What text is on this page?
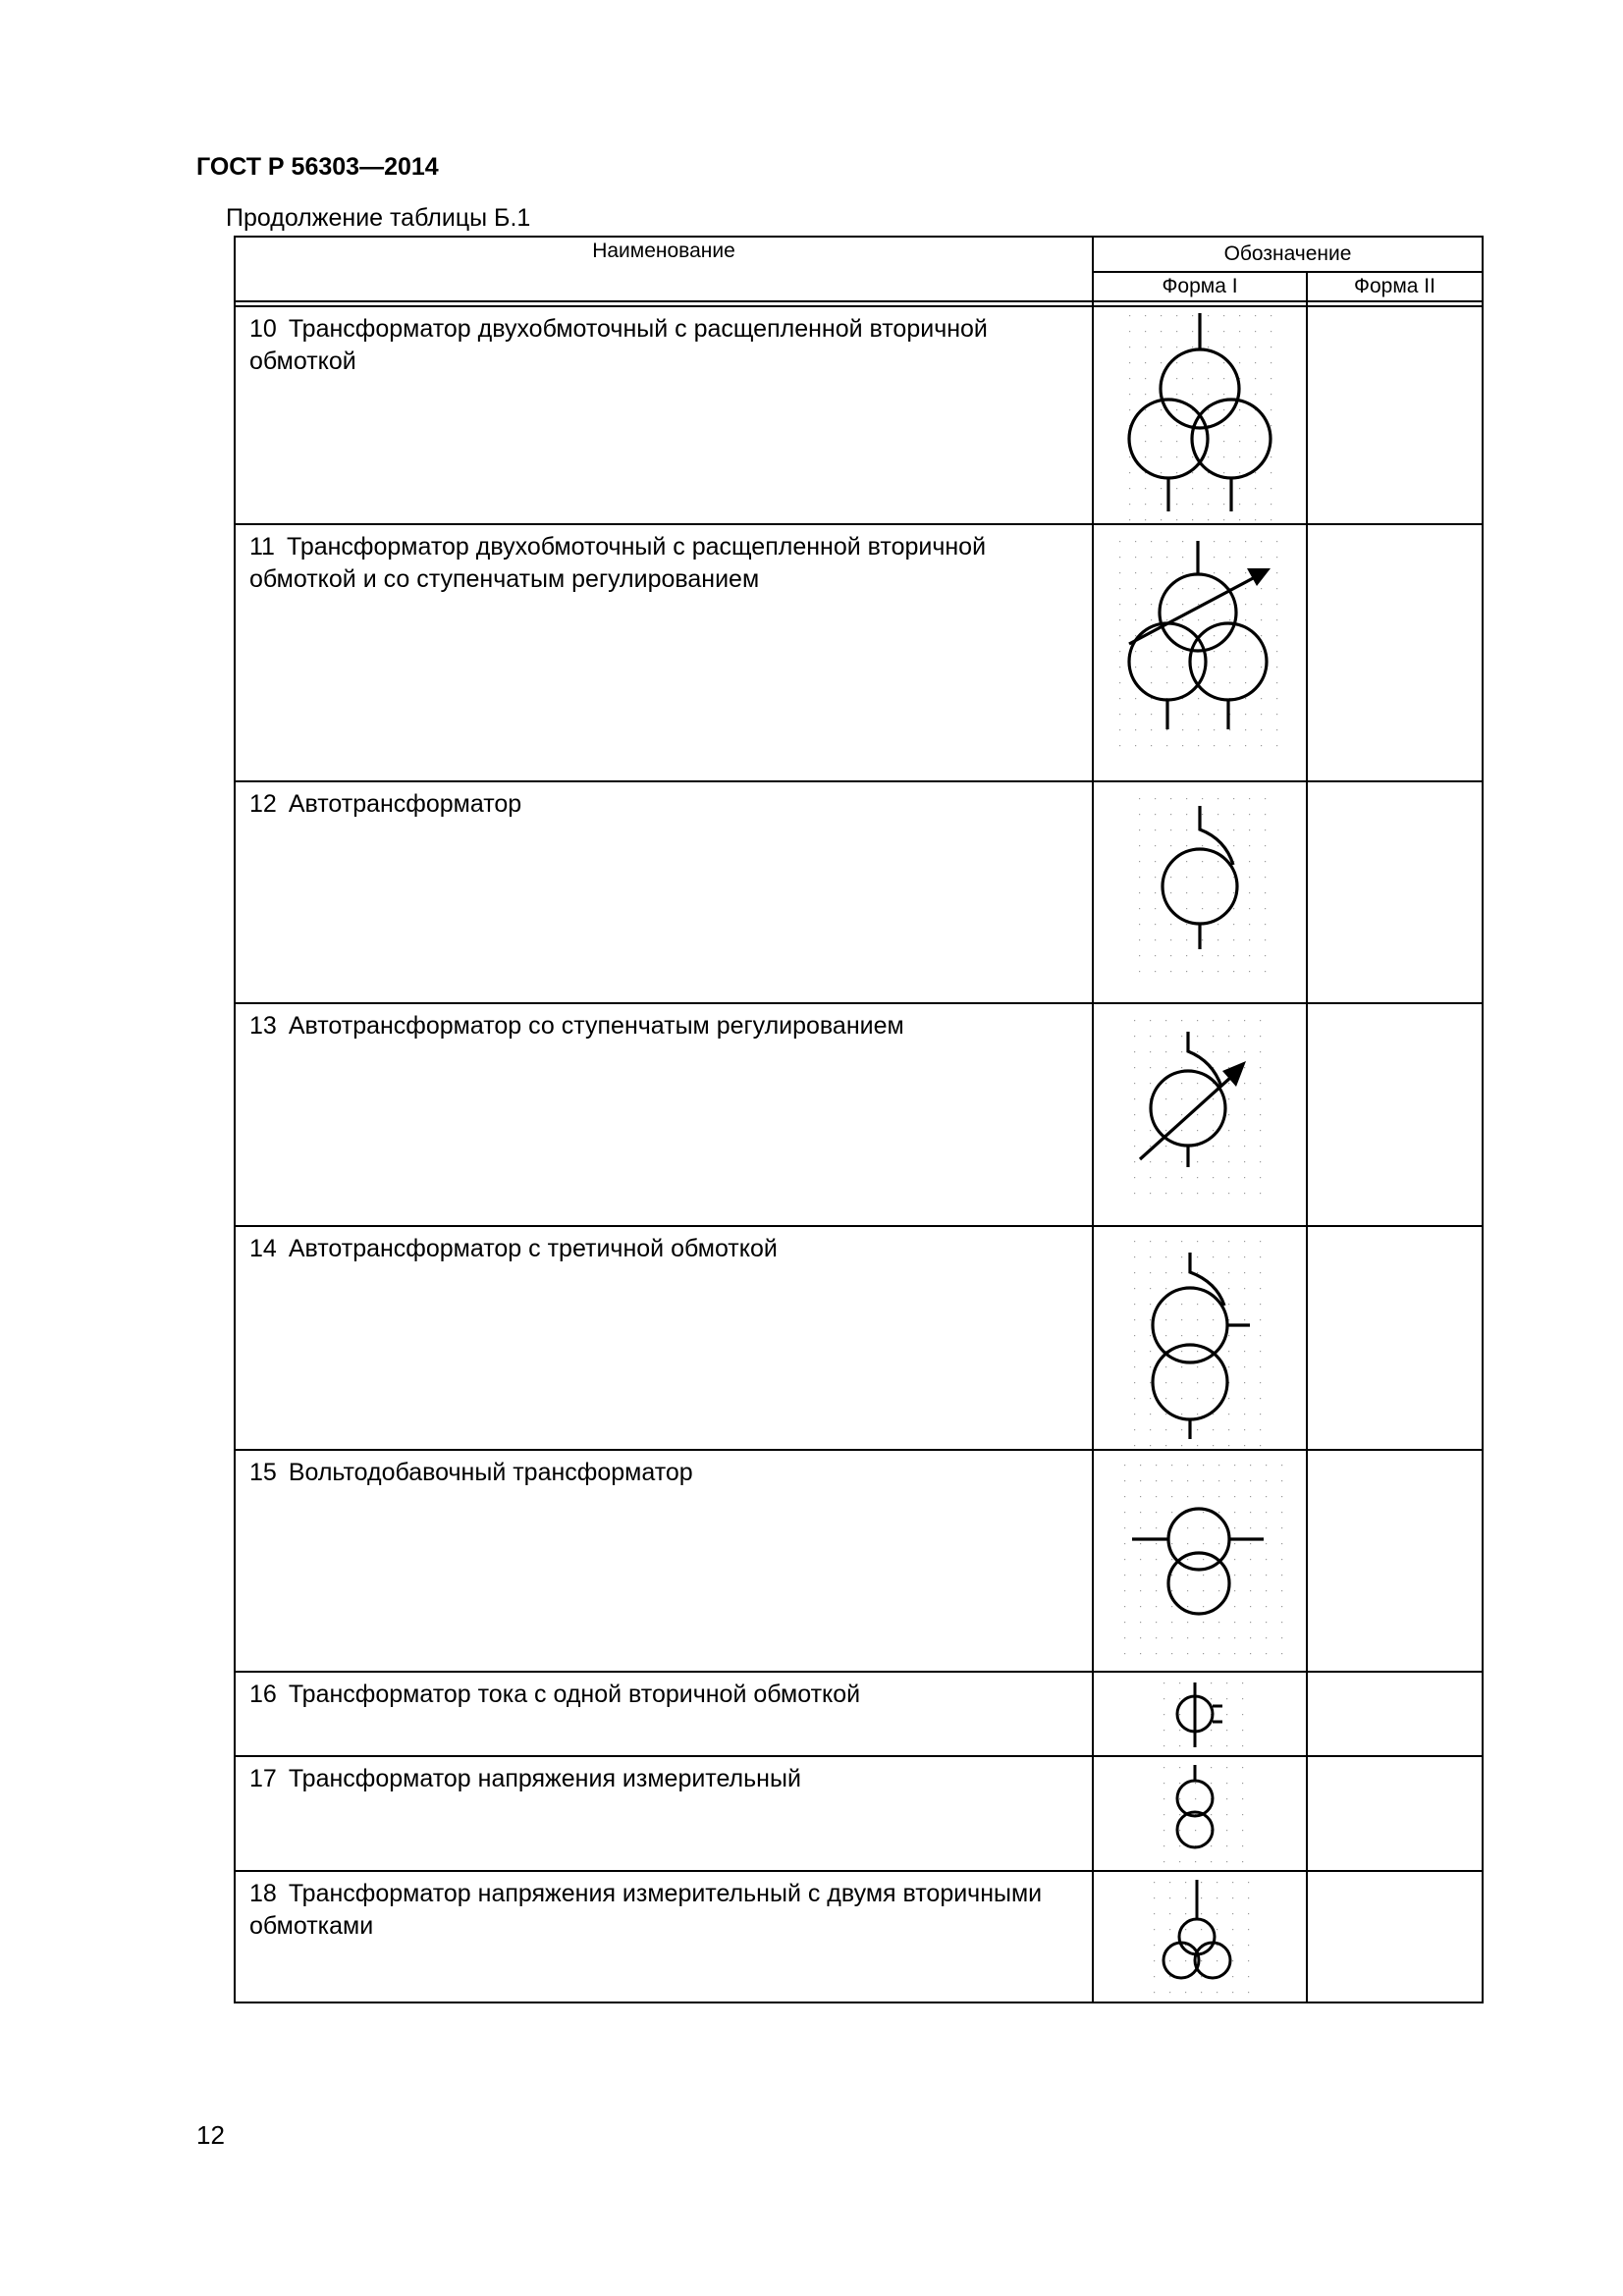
ГОСТ Р 56303—2014
Продолжение таблицы Б.1
Наименование	Обозначение	
	Форма I	Форма II

10 Трансформатор двухобмоточный с расщепленной вторичной обмоткой	

11 Трансформатор двухобмоточный с расщепленной вторичной обмоткой и со ступенчатым регулированием	

12 Автотрансформатор	

13 Автотрансформатор со ступенчатым регулированием	

14 Автотрансформатор с третичной обмоткой	

15 Вольтодобавочный трансформатор	

16 Трансформатор тока с одной вторичной обмоткой	

17 Трансформатор напряжения измерительный	

18 Трансформатор напряжения измерительный с двумя вторичными обмотками	

12
